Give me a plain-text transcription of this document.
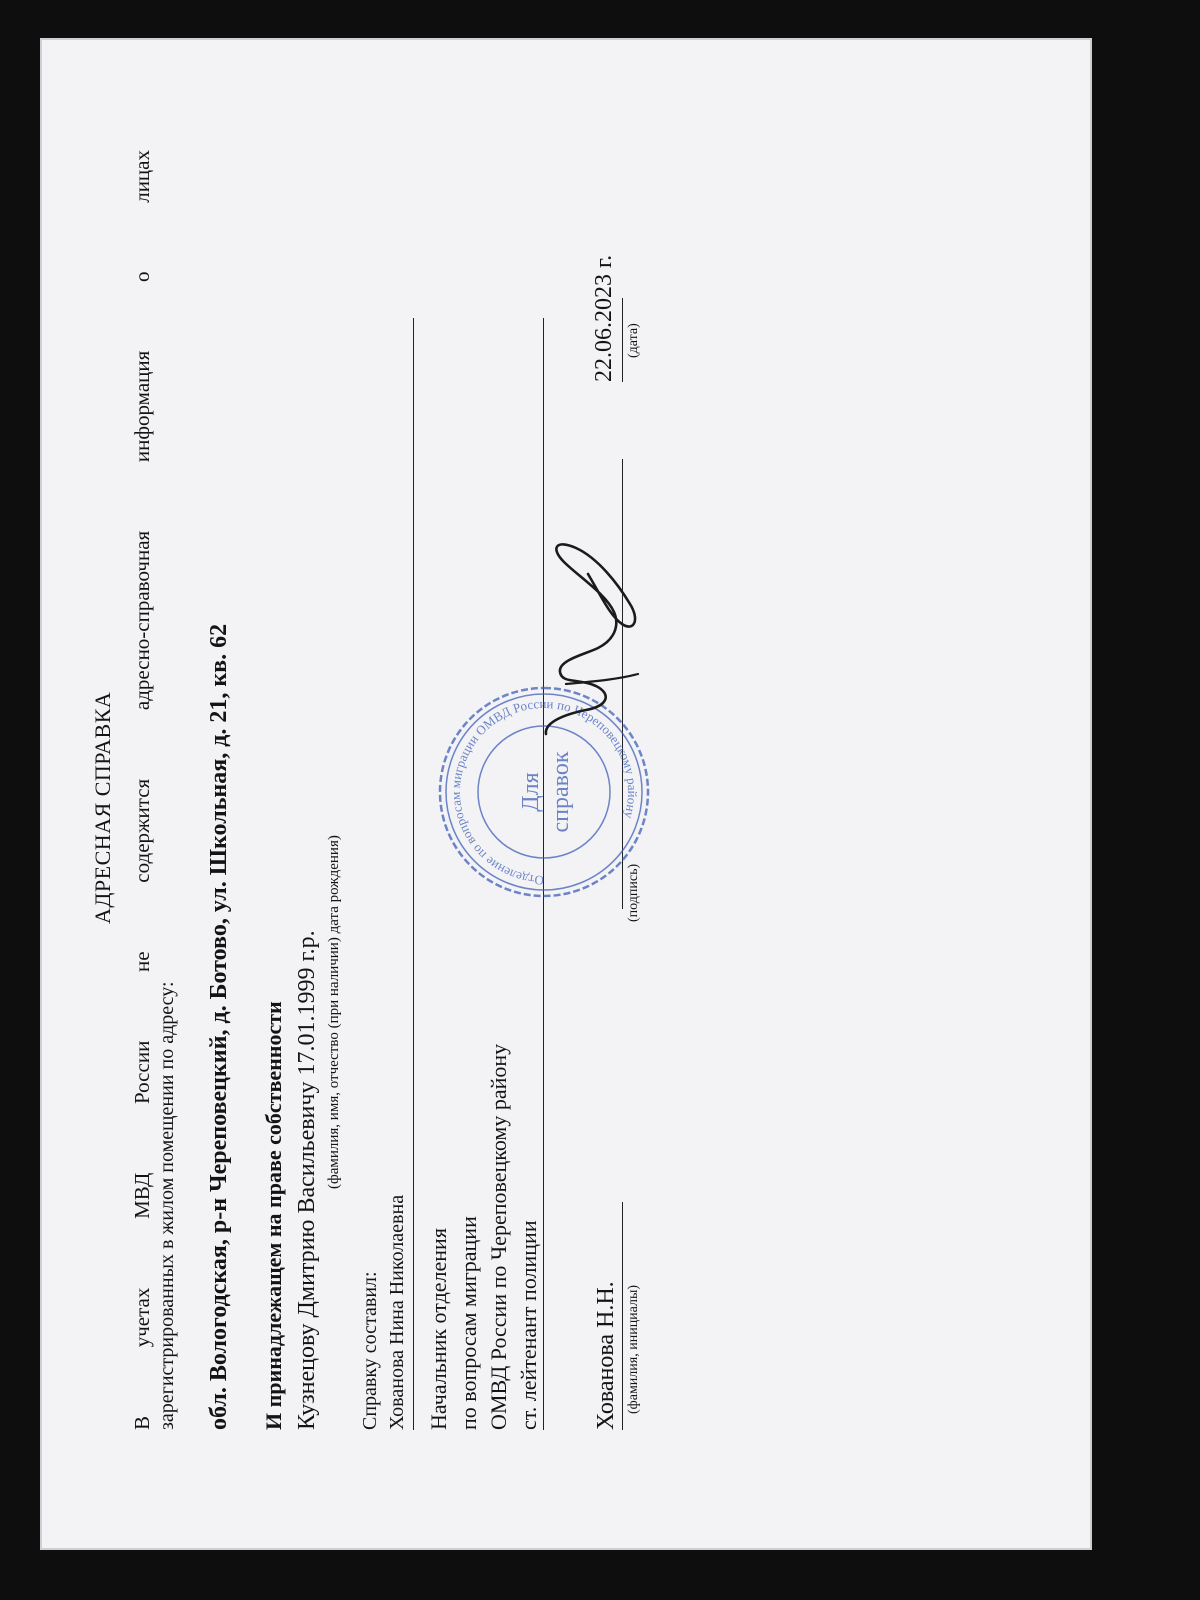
АДРЕСНАЯ СПРАВКА В учетах МВД России не содержится адресно-справочная информация о лицах зарегистрированных в жилом помещении по адресу: обл. Вологодская, р-н Череповецкий, д. Ботово, ул. Школьная, д. 21, кв. 62 И принадлежащем на праве собственности Кузнецову Дмитрию Васильевичу 17.01.1999 г.р. (фамилия, имя, отчество (при наличии) дата рождения)
Справку составил: Хованова Нина Николаевна Начальник отделения по вопросам миграции ОМВД России по Череповецкому району ст. лейтенант полиции Хованова Н.Н. (фамилия, инициалы)
(подпись)
22.06.2023 г. (дата)
Отделение по вопросам миграции ОМВД России по Череповецкому району
Для справок
